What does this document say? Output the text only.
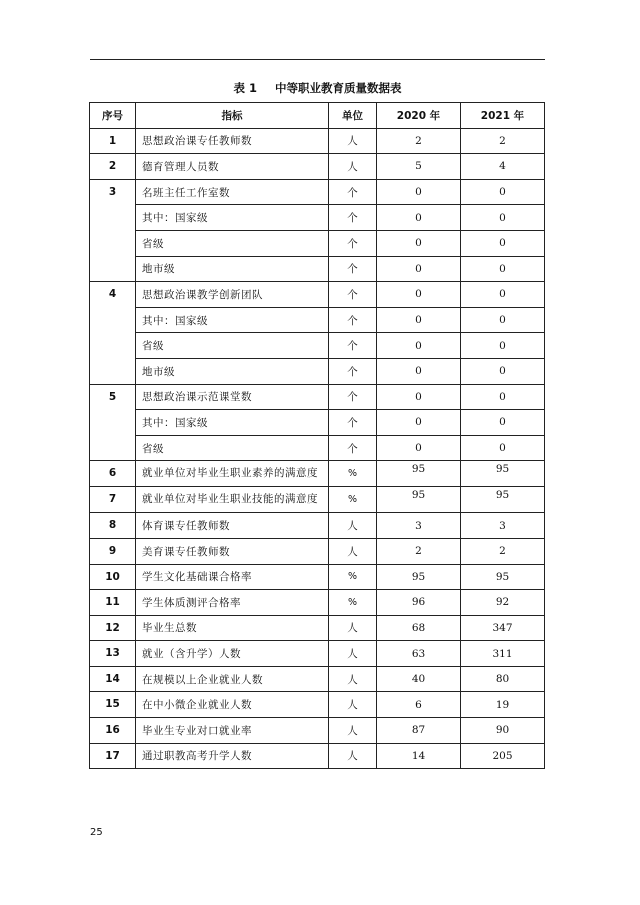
表 1 中等职业教育质量数据表
序号	指标	单位	2020 年	2021 年
1	思想政治课专任教师数	人	2	2
2	德育管理人员数	人	5	4
3	名班主任工作室数	个	0	0
	其中：国家级	个	0	0
	省级	个	0	0
	地市级	个	0	0
4	思想政治课教学创新团队	个	0	0
	其中：国家级	个	0	0
	省级	个	0	0
	地市级	个	0	0
5	思想政治课示范课堂数	个	0	0
	其中：国家级	个	0	0
	省级	个	0	0
6	就业单位对毕业生职业素养的满意度	%	95	95
7	就业单位对毕业生职业技能的满意度	%	95	95
8	体育课专任教师数	人	3	3
9	美育课专任教师数	人	2	2
10	学生文化基础课合格率	%	95	95
11	学生体质测评合格率	%	96	92
12	毕业生总数	人	68	347
13	就业（含升学）人数	人	63	311
14	在规模以上企业就业人数	人	40	80
15	在中小微企业就业人数	人	6	19
16	毕业生专业对口就业率	人	87	90
17	通过职教高考升学人数	人	14	205
25
